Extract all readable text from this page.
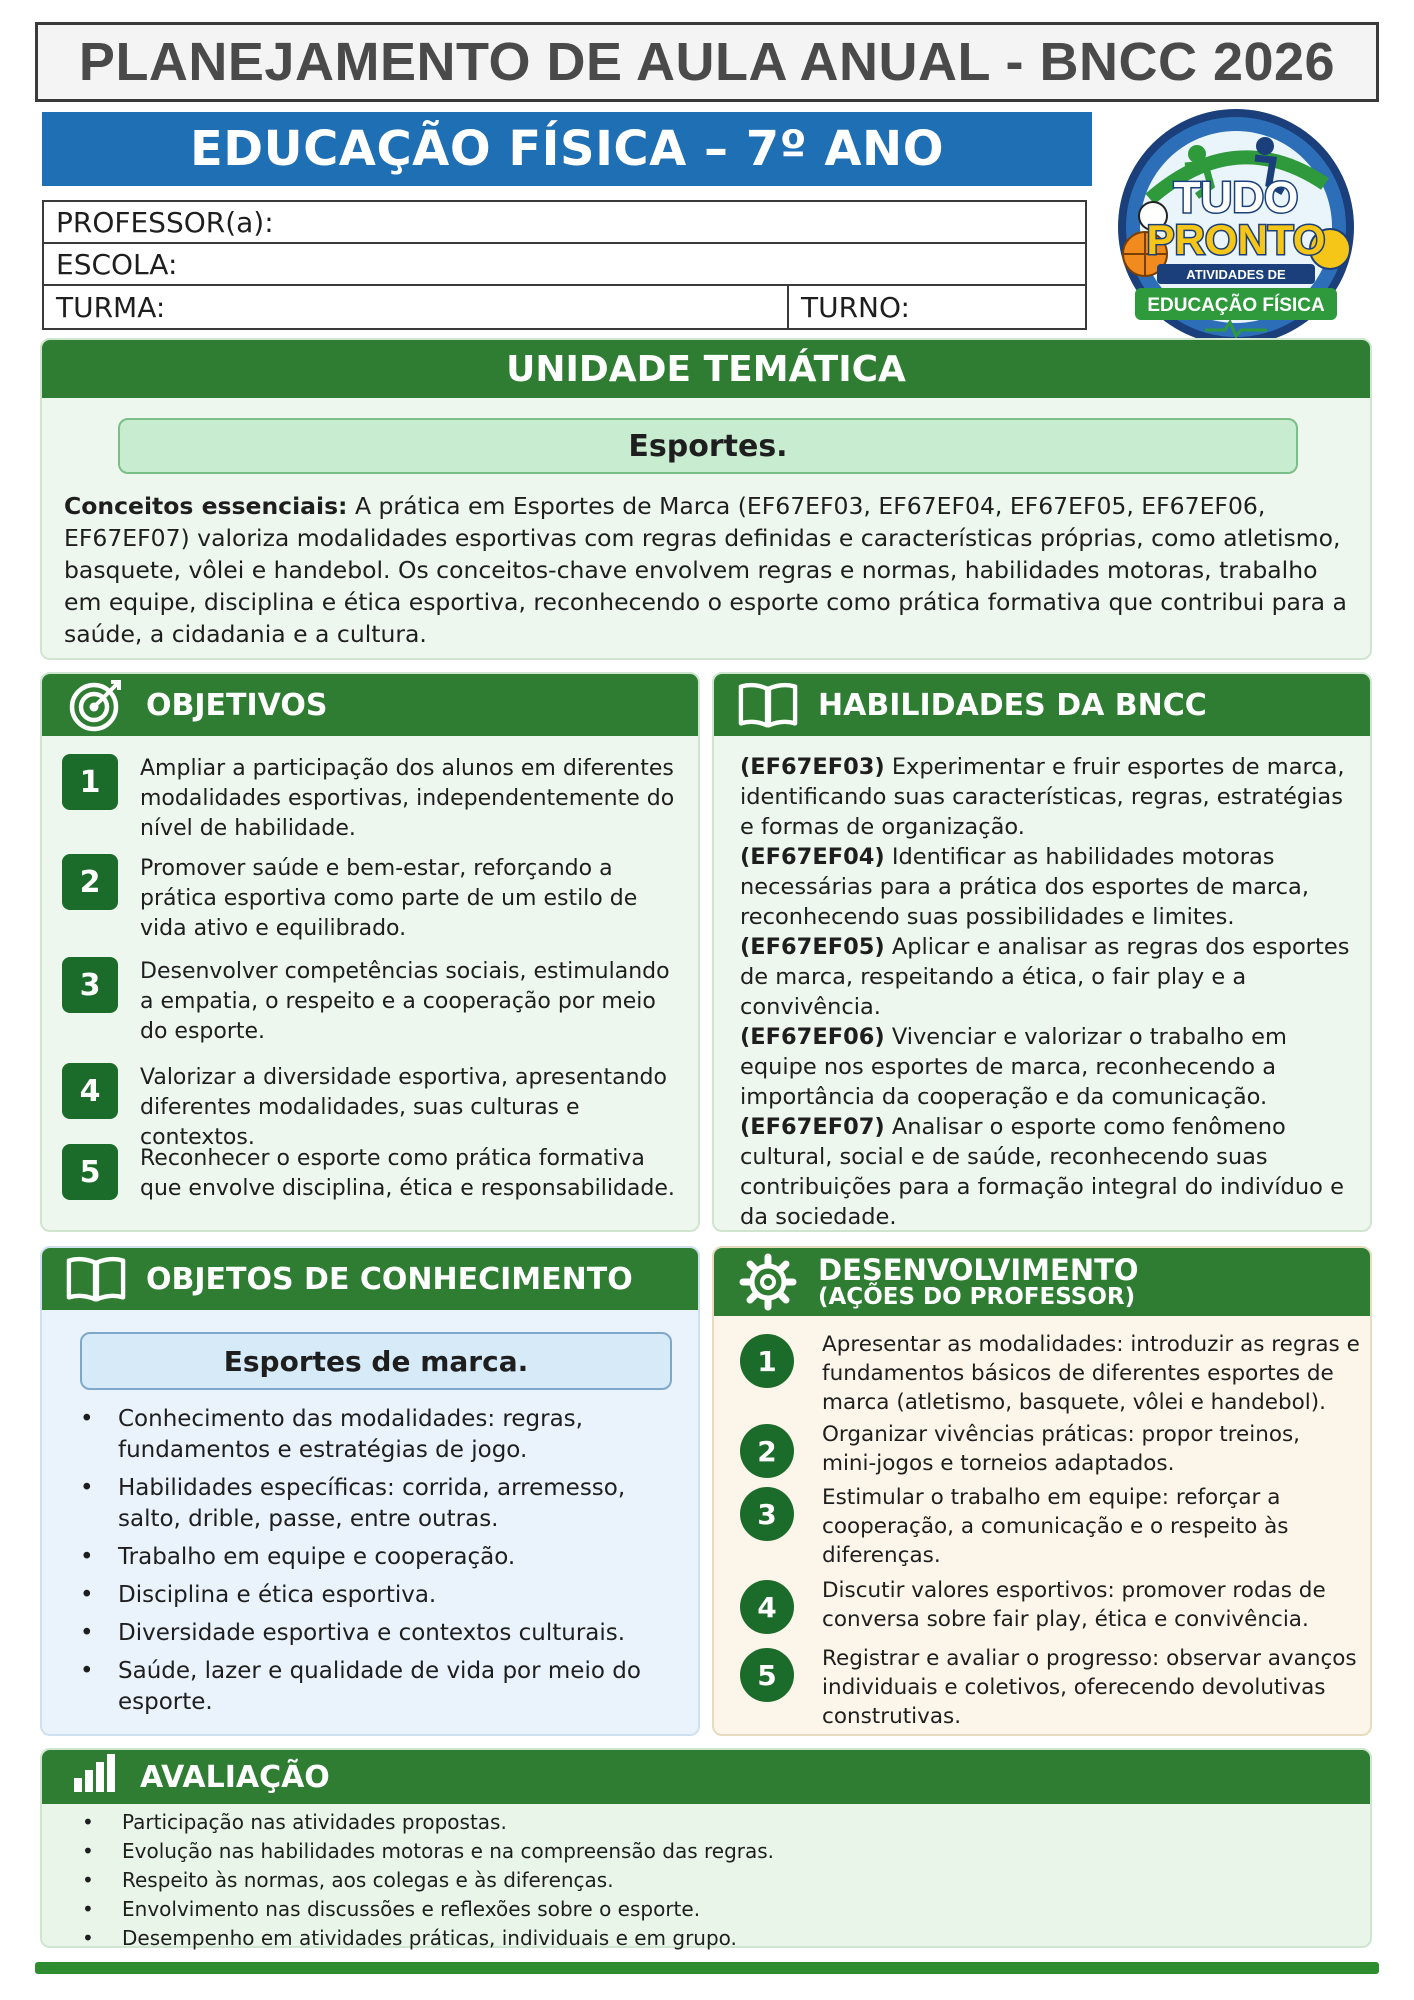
PLANEJAMENTO DE AULA ANUAL - BNCC 2026
EDUCAÇÃO FÍSICA – 7º ANO
PROFESSOR(a):
ESCOLA:
TURMA:	TURNO:
TUDO
PRONTO
ATIVIDADES DE
EDUCAÇÃO FÍSICA
UNIDADE TEMÁTICA
Esportes.
Conceitos essenciais: A prática em Esportes de Marca (EF67EF03, EF67EF04, EF67EF05, EF67EF06, EF67EF07) valoriza modalidades esportivas com regras definidas e características próprias, como atletismo, basquete, vôlei e handebol. Os conceitos-chave envolvem regras e normas, habilidades motoras, trabalho em equipe, disciplina e ética esportiva, reconhecendo o esporte como prática formativa que contribui para a saúde, a cidadania e a cultura.
OBJETIVOS
1	Ampliar a participação dos alunos em diferentes modalidades esportivas, independentemente do nível de habilidade.
2	Promover saúde e bem-estar, reforçando a prática esportiva como parte de um estilo de vida ativo e equilibrado.
3	Desenvolver competências sociais, estimulando a empatia, o respeito e a cooperação por meio do esporte.
4	Valorizar a diversidade esportiva, apresentando diferentes modalidades, suas culturas e contextos.
5	Reconhecer o esporte como prática formativa que envolve disciplina, ética e responsabilidade.
HABILIDADES DA BNCC
(EF67EF03) Experimentar e fruir esportes de marca, identificando suas características, regras, estratégias e formas de organização.
(EF67EF04) Identificar as habilidades motoras necessárias para a prática dos esportes de marca, reconhecendo suas possibilidades e limites.
(EF67EF05) Aplicar e analisar as regras dos esportes de marca, respeitando a ética, o fair play e a convivência.
(EF67EF06) Vivenciar e valorizar o trabalho em equipe nos esportes de marca, reconhecendo a importância da cooperação e da comunicação.
(EF67EF07) Analisar o esporte como fenômeno cultural, social e de saúde, reconhecendo suas contribuições para a formação integral do indivíduo e da sociedade.
OBJETOS DE CONHECIMENTO
Esportes de marca.
• Conhecimento das modalidades: regras, fundamentos e estratégias de jogo.
• Habilidades específicas: corrida, arremesso, salto, drible, passe, entre outras.
• Trabalho em equipe e cooperação.
• Disciplina e ética esportiva.
• Diversidade esportiva e contextos culturais.
• Saúde, lazer e qualidade de vida por meio do esporte.
DESENVOLVIMENTO
(AÇÕES DO PROFESSOR)
1	Apresentar as modalidades: introduzir as regras e fundamentos básicos de diferentes esportes de marca (atletismo, basquete, vôlei e handebol).
2	Organizar vivências práticas: propor treinos, mini-jogos e torneios adaptados.
3	Estimular o trabalho em equipe: reforçar a cooperação, a comunicação e o respeito às diferenças.
4	Discutir valores esportivos: promover rodas de conversa sobre fair play, ética e convivência.
5	Registrar e avaliar o progresso: observar avanços individuais e coletivos, oferecendo devolutivas construtivas.
AVALIAÇÃO
• Participação nas atividades propostas.
• Evolução nas habilidades motoras e na compreensão das regras.
• Respeito às normas, aos colegas e às diferenças.
• Envolvimento nas discussões e reflexões sobre o esporte.
• Desempenho em atividades práticas, individuais e em grupo.
